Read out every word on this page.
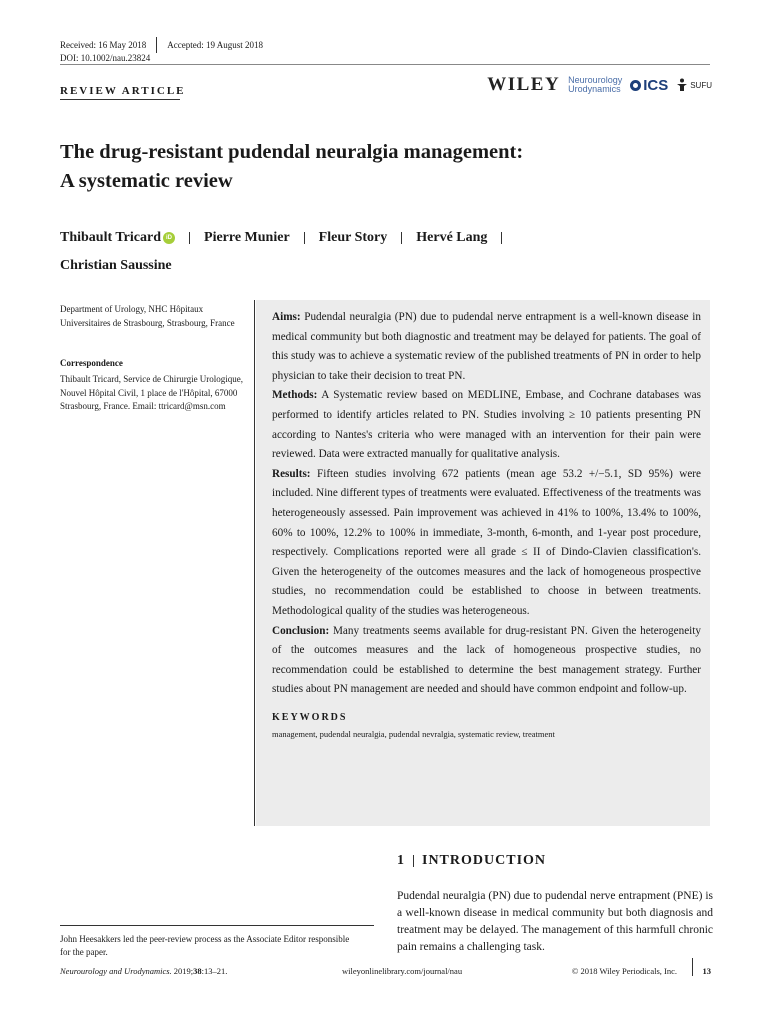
Received: 16 May 2018 Accepted: 19 August 2018
DOI: 10.1002/nau.23824
REVIEW ARTICLE	WILEY Neurourology
Urodynamics ICS	SUFU
The drug-resistant pudendal neuralgia management:
A systematic review
Thibault Tricard iD Pierre Munier Fleur Story Hervé Lang
Christian Saussine
Department of Urology, NHC Hôpitaux Universitaires de Strasbourg, Strasbourg, France
Correspondence
Thibault Tricard, Service de Chirurgie Urologique, Nouvel Hôpital Civil, 1 place de l'Hôpital, 67000 Strasbourg, France. Email: ttricard@msn.com

Aims: Pudendal neuralgia (PN) due to pudendal nerve entrapment is a well-known disease in medical community but both diagnostic and treatment may be delayed for patients. The goal of this study was to achieve a systematic review of the published treatments of PN in order to help physician to take their decision to treat PN.

Methods: A Systematic review based on MEDLINE, Embase, and Cochrane databases was performed to identify articles related to PN. Studies involving ≥ 10 patients presenting PN according to Nantes's criteria who were managed with an intervention for their pain were reviewed. Data were extracted manually for qualitative analysis.

Results: Fifteen studies involving 672 patients (mean age 53.2 +/−5.1, SD 95%) were included. Nine different types of treatments were evaluated. Effectiveness of the treatments was heterogeneously assessed. Pain improvement was achieved in 41% to 100%, 13.4% to 100%, 60% to 100%, 12.2% to 100% in immediate, 3-month, 6-month, and 1-year post procedure, respectively. Complications reported were all grade ≤ II of Dindo-Clavien classification's. Given the heterogeneity of the outcomes measures and the lack of homogeneous prospective studies, no recommendation could be established to choose in between treatments. Methodological quality of the studies was heterogeneous.

Conclusion: Many treatments seems available for drug-resistant PN. Given the heterogeneity of the outcomes measures and the lack of homogeneous prospective studies, no recommendation could be established to determine the best management strategy. Further studies about PN management are needed and should have common endpoint and follow-up.

KEYWORDS
management, pudendal neuralgia, pudendal nevralgia, systematic review, treatment
1 INTRODUCTION
Pudendal neuralgia (PN) due to pudendal nerve entrapment (PNE) is a well-known disease in medical community but both diagnosis and treatment may be delayed. The management of this harmfull chronic pain remains a challenging task.
John Heesakkers led the peer-review process as the Associate Editor responsible for the paper.
Neurourology and Urodynamics. 2019;38:13–21.	wileyonlinelibrary.com/journal/nau	© 2018 Wiley Periodicals, Inc.	13
